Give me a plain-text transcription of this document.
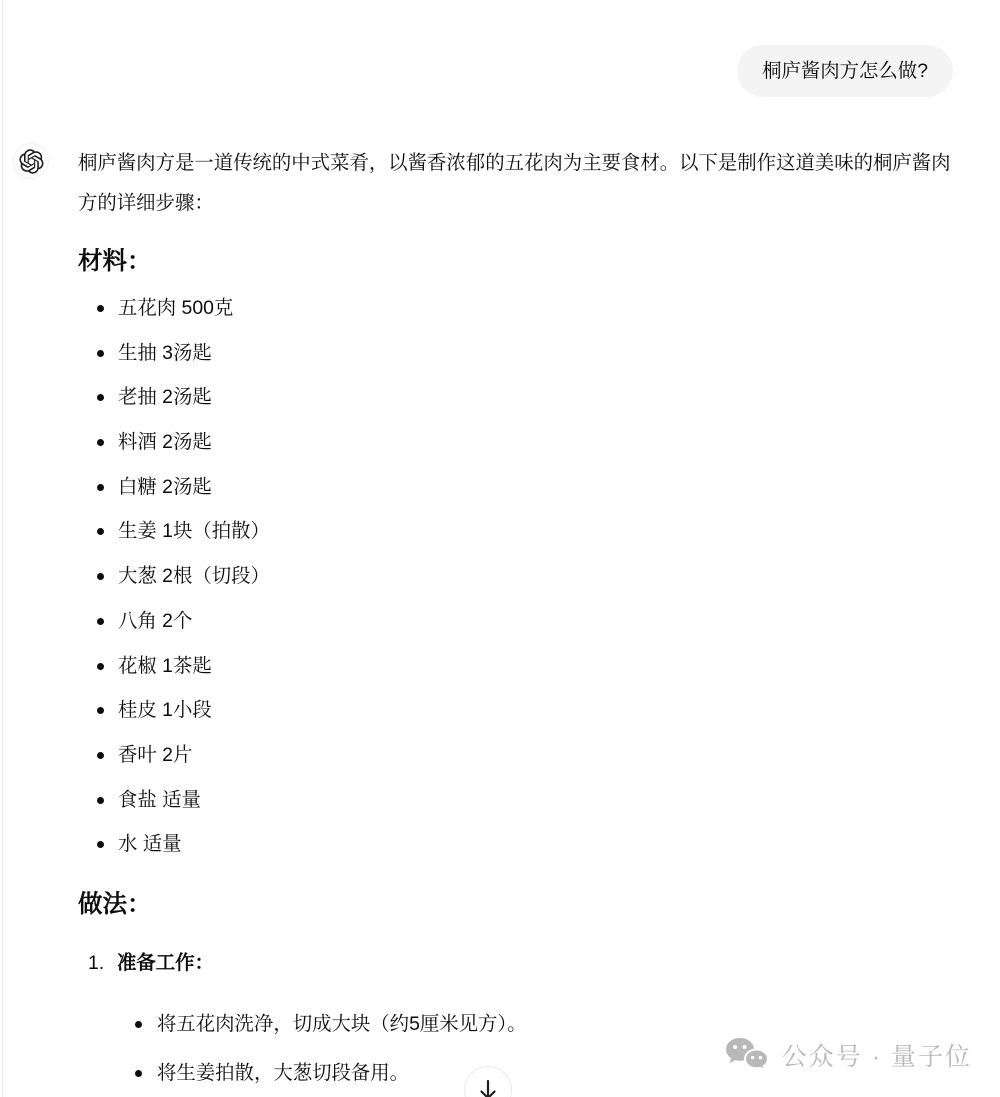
桐庐酱肉方怎么做?

桐庐酱肉方是一道传统的中式菜肴，以酱香浓郁的五花肉为主要食材。以下是制作这道美味的桐庐酱肉方的详细步骤：

材料：
五花肉 500克
生抽 3汤匙
老抽 2汤匙
料酒 2汤匙
白糖 2汤匙
生姜 1块（拍散）
大葱 2根（切段）
八角 2个
花椒 1茶匙
桂皮 1小段
香叶 2片
食盐 适量
水 适量
做法：
1. 准备工作：
将五花肉洗净，切成大块（约5厘米见方）。
将生姜拍散，大葱切段备用。
公众号 · 量子位
